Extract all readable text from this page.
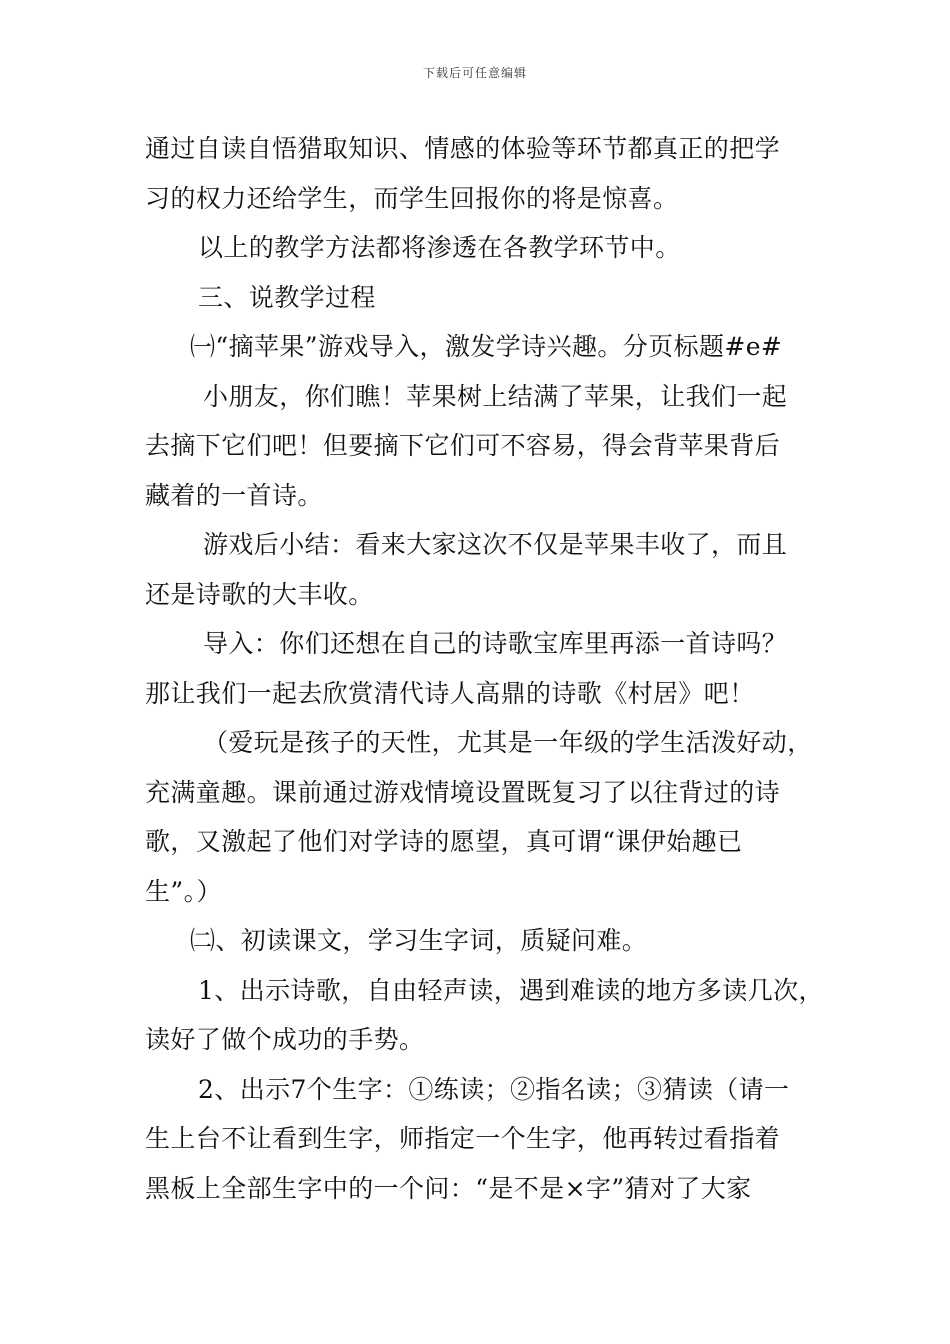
下载后可任意编辑
通过自读自悟猎取知识、情感的体验等环节都真正的把学
习的权力还给学生，而学生回报你的将是惊喜。
以上的教学方法都将渗透在各教学环节中。
三、说教学过程
㈠“摘苹果”游戏导入，激发学诗兴趣。分页标题#e#
小朋友，你们瞧！苹果树上结满了苹果，让我们一起
去摘下它们吧！但要摘下它们可不容易，得会背苹果背后
藏着的一首诗。
游戏后小结：看来大家这次不仅是苹果丰收了，而且
还是诗歌的大丰收。
导入：你们还想在自己的诗歌宝库里再添一首诗吗？
那让我们一起去欣赏清代诗人高鼎的诗歌《村居》吧！
（爱玩是孩子的天性，尤其是一年级的学生活泼好动，
充满童趣。课前通过游戏情境设置既复习了以往背过的诗
歌，又激起了他们对学诗的愿望，真可谓“课伊始趣已
生”。）
㈡、初读课文，学习生字词，质疑问难。
1、出示诗歌，自由轻声读，遇到难读的地方多读几次，
读好了做个成功的手势。
2、出示7个生字：①练读；②指名读；③猜读（请一
生上台不让看到生字，师指定一个生字，他再转过看指着
黑板上全部生字中的一个问：“是不是×字”猜对了大家
